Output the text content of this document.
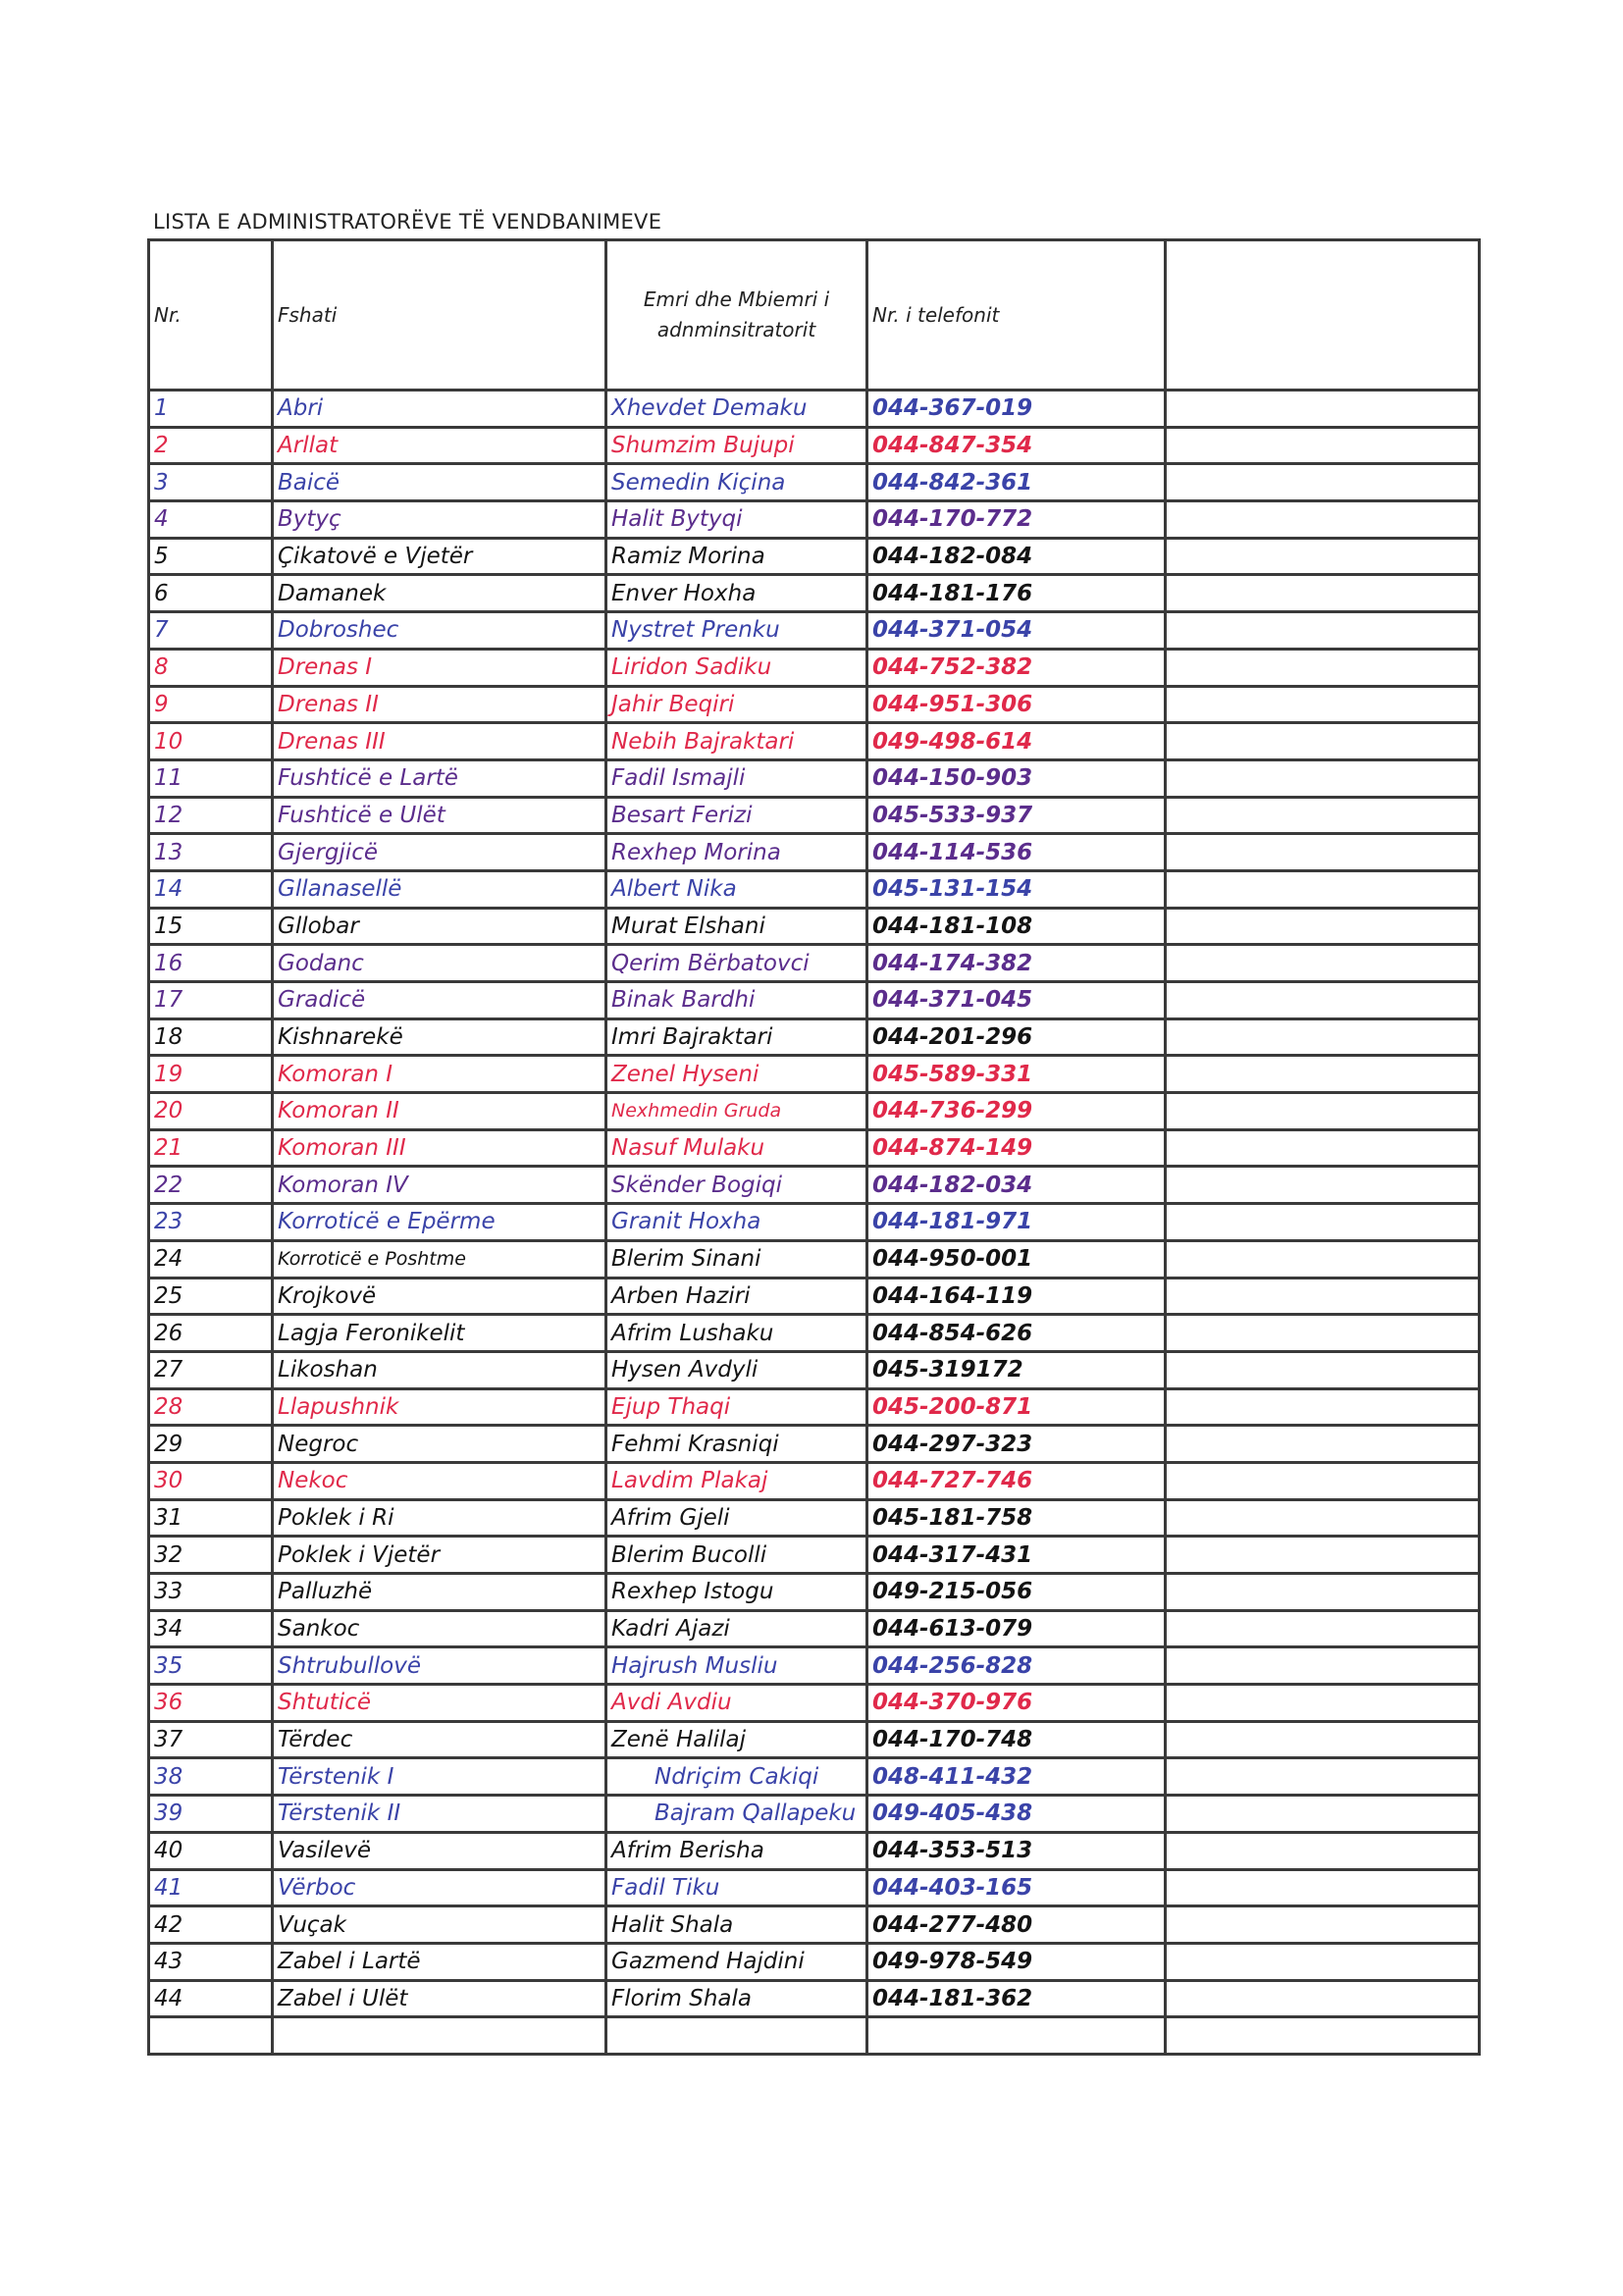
LISTA E ADMINISTRATORËVE TË VENDBANIMEVE
Nr.	Fshati	Emri dhe Mbiemri i adnminsitratorit	Nr. i telefonit	
1	Abri	Xhevdet Demaku	044-367-019	
2	Arllat	Shumzim Bujupi	044-847-354	
3	Baicë	Semedin Kiçina	044-842-361	
4	Bytyç	Halit Bytyqi	044-170-772	
5	Çikatovë e Vjetër	Ramiz Morina	044-182-084	
6	Damanek	Enver Hoxha	044-181-176	
7	Dobroshec	Nystret Prenku	044-371-054	
8	Drenas I	Liridon Sadiku	044-752-382	
9	Drenas II	Jahir Beqiri	044-951-306	
10	Drenas III	Nebih Bajraktari	049-498-614	
11	Fushticë e Lartë	Fadil Ismajli	044-150-903	
12	Fushticë e Ulët	Besart Ferizi	045-533-937	
13	Gjergjicë	Rexhep Morina	044-114-536	
14	Gllanasellë	Albert Nika	045-131-154	
15	Gllobar	Murat Elshani	044-181-108	
16	Godanc	Qerim Bërbatovci	044-174-382	
17	Gradicë	Binak Bardhi	044-371-045	
18	Kishnarekë	Imri Bajraktari	044-201-296	
19	Komoran I	Zenel Hyseni	045-589-331	
20	Komoran II	Nexhmedin Gruda	044-736-299	
21	Komoran III	Nasuf Mulaku	044-874-149	
22	Komoran IV	Skënder Bogiqi	044-182-034	
23	Korroticë e Epërme	Granit Hoxha	044-181-971	
24	Korroticë e Poshtme	Blerim Sinani	044-950-001	
25	Krojkovë	Arben Haziri	044-164-119	
26	Lagja Feronikelit	Afrim Lushaku	044-854-626	
27	Likoshan	Hysen Avdyli	045-319172	
28	Llapushnik	Ejup Thaqi	045-200-871	
29	Negroc	Fehmi Krasniqi	044-297-323	
30	Nekoc	Lavdim Plakaj	044-727-746	
31	Poklek i Ri	Afrim Gjeli	045-181-758	
32	Poklek i Vjetër	Blerim Bucolli	044-317-431	
33	Palluzhë	Rexhep Istogu	049-215-056	
34	Sankoc	Kadri Ajazi	044-613-079	
35	Shtrubullovë	Hajrush Musliu	044-256-828	
36	Shtuticë	Avdi Avdiu	044-370-976	
37	Tërdec	Zenë Halilaj	044-170-748	
38	Tërstenik I	Ndriçim Cakiqi	048-411-432	
39	Tërstenik II	Bajram Qallapeku	049-405-438	
40	Vasilevë	Afrim Berisha	044-353-513	
41	Vërboc	Fadil Tiku	044-403-165	
42	Vuçak	Halit Shala	044-277-480	
43	Zabel i Lartë	Gazmend Hajdini	049-978-549	
44	Zabel i Ulët	Florim Shala	044-181-362	
